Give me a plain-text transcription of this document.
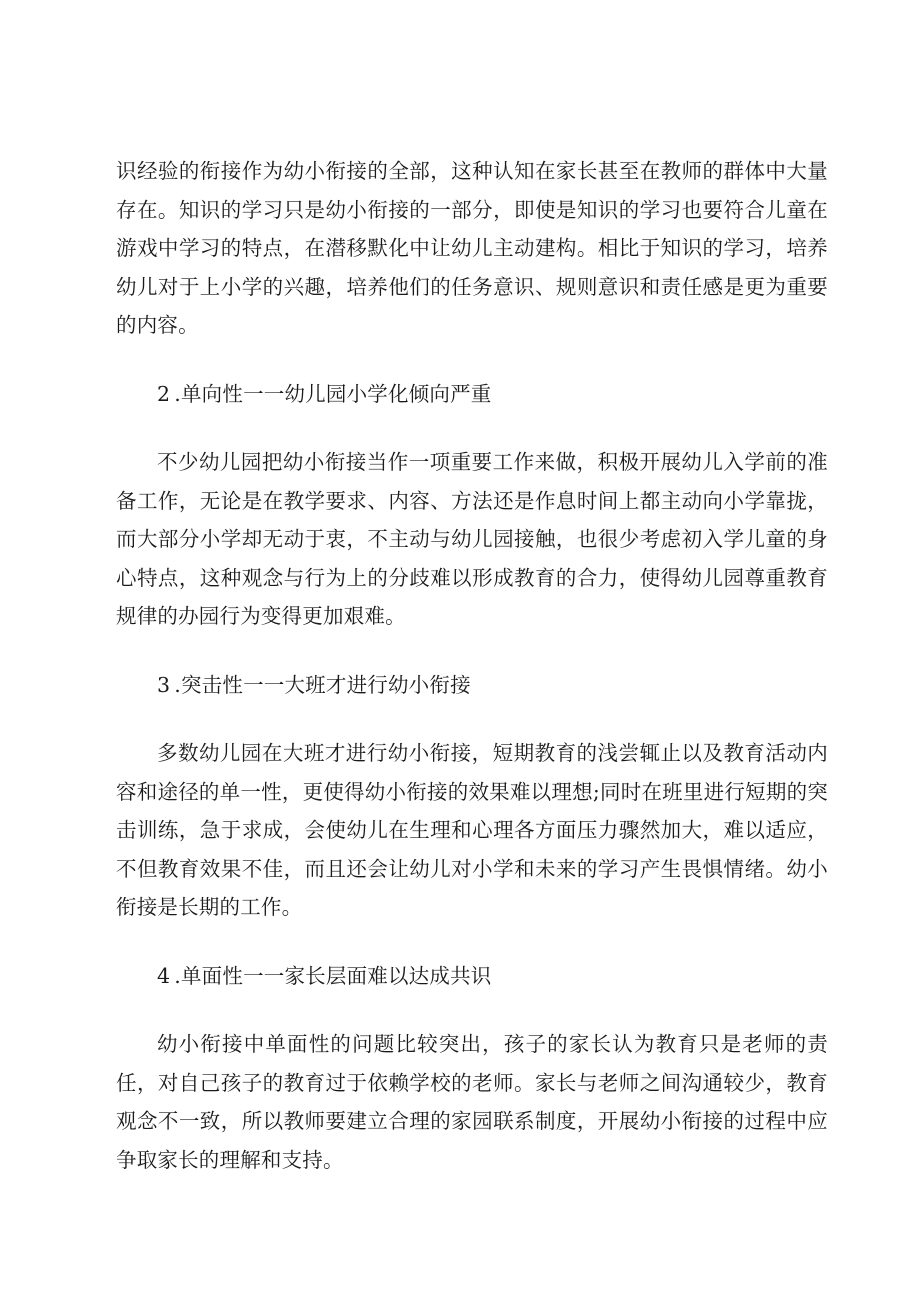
识经验的衔接作为幼小衔接的全部，这种认知在家长甚至在教师的群体中大量存在。知识的学习只是幼小衔接的一部分，即使是知识的学习也要符合儿童在游戏中学习的特点，在潜移默化中让幼儿主动建构。相比于知识的学习，培养幼儿对于上小学的兴趣，培养他们的任务意识、规则意识和责任感是更为重要的内容。

2 .单向性一一幼儿园小学化倾向严重

不少幼儿园把幼小衔接当作一项重要工作来做，积极开展幼儿入学前的准备工作，无论是在教学要求、内容、方法还是作息时间上都主动向小学靠拢，而大部分小学却无动于衷，不主动与幼儿园接触，也很少考虑初入学儿童的身心特点，这种观念与行为上的分歧难以形成教育的合力，使得幼儿园尊重教育规律的办园行为变得更加艰难。

3 .突击性一一大班才进行幼小衔接

多数幼儿园在大班才进行幼小衔接，短期教育的浅尝辄止以及教育活动内容和途径的单一性，更使得幼小衔接的效果难以理想;同时在班里进行短期的突击训练，急于求成，会使幼儿在生理和心理各方面压力骤然加大，难以适应，不但教育效果不佳，而且还会让幼儿对小学和未来的学习产生畏惧情绪。幼小衔接是长期的工作。

4 .单面性一一家长层面难以达成共识

幼小衔接中单面性的问题比较突出，孩子的家长认为教育只是老师的责任，对自己孩子的教育过于依赖学校的老师。家长与老师之间沟通较少，教育观念不一致，所以教师要建立合理的家园联系制度，开展幼小衔接的过程中应争取家长的理解和支持。
